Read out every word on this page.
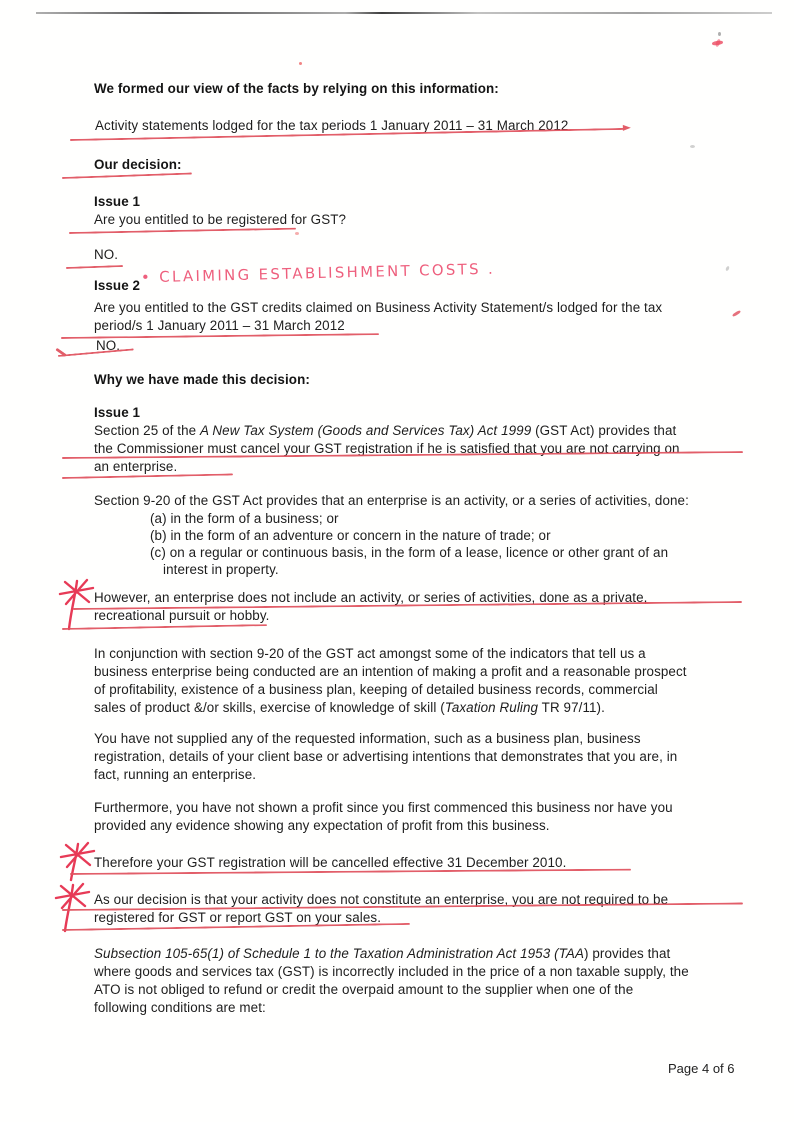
We formed our view of the facts by relying on this information:
Activity statements lodged for the tax periods 1 January 2011 – 31 March 2012
Our decision:
Issue 1
Are you entitled to be registered for GST?
NO.
Issue 2 • CLAIMING ESTABLISHMENT COSTS .
Are you entitled to the GST credits claimed on Business Activity Statement/s lodged for the tax
period/s 1 January 2011 – 31 March 2012
NO.
Why we have made this decision:
Issue 1
Section 25 of the A New Tax System (Goods and Services Tax) Act 1999 (GST Act) provides that
the Commissioner must cancel your GST registration if he is satisfied that you are not carrying on
an enterprise.
Section 9-20 of the GST Act provides that an enterprise is an activity, or a series of activities, done:
(a) in the form of a business; or
(b) in the form of an adventure or concern in the nature of trade; or
(c) on a regular or continuous basis, in the form of a lease, licence or other grant of an
interest in property.
However, an enterprise does not include an activity, or series of activities, done as a private,
recreational pursuit or hobby.
In conjunction with section 9-20 of the GST act amongst some of the indicators that tell us a
business enterprise being conducted are an intention of making a profit and a reasonable prospect
of profitability, existence of a business plan, keeping of detailed business records, commercial
sales of product &/or skills, exercise of knowledge of skill (Taxation Ruling TR 97/11).
You have not supplied any of the requested information, such as a business plan, business
registration, details of your client base or advertising intentions that demonstrates that you are, in
fact, running an enterprise.
Furthermore, you have not shown a profit since you first commenced this business nor have you
provided any evidence showing any expectation of profit from this business.
Therefore your GST registration will be cancelled effective 31 December 2010.
As our decision is that your activity does not constitute an enterprise, you are not required to be
registered for GST or report GST on your sales.
Subsection 105-65(1) of Schedule 1 to the Taxation Administration Act 1953 (TAA) provides that
where goods and services tax (GST) is incorrectly included in the price of a non taxable supply, the
ATO is not obliged to refund or credit the overpaid amount to the supplier when one of the
following conditions are met:
Page 4 of 6
